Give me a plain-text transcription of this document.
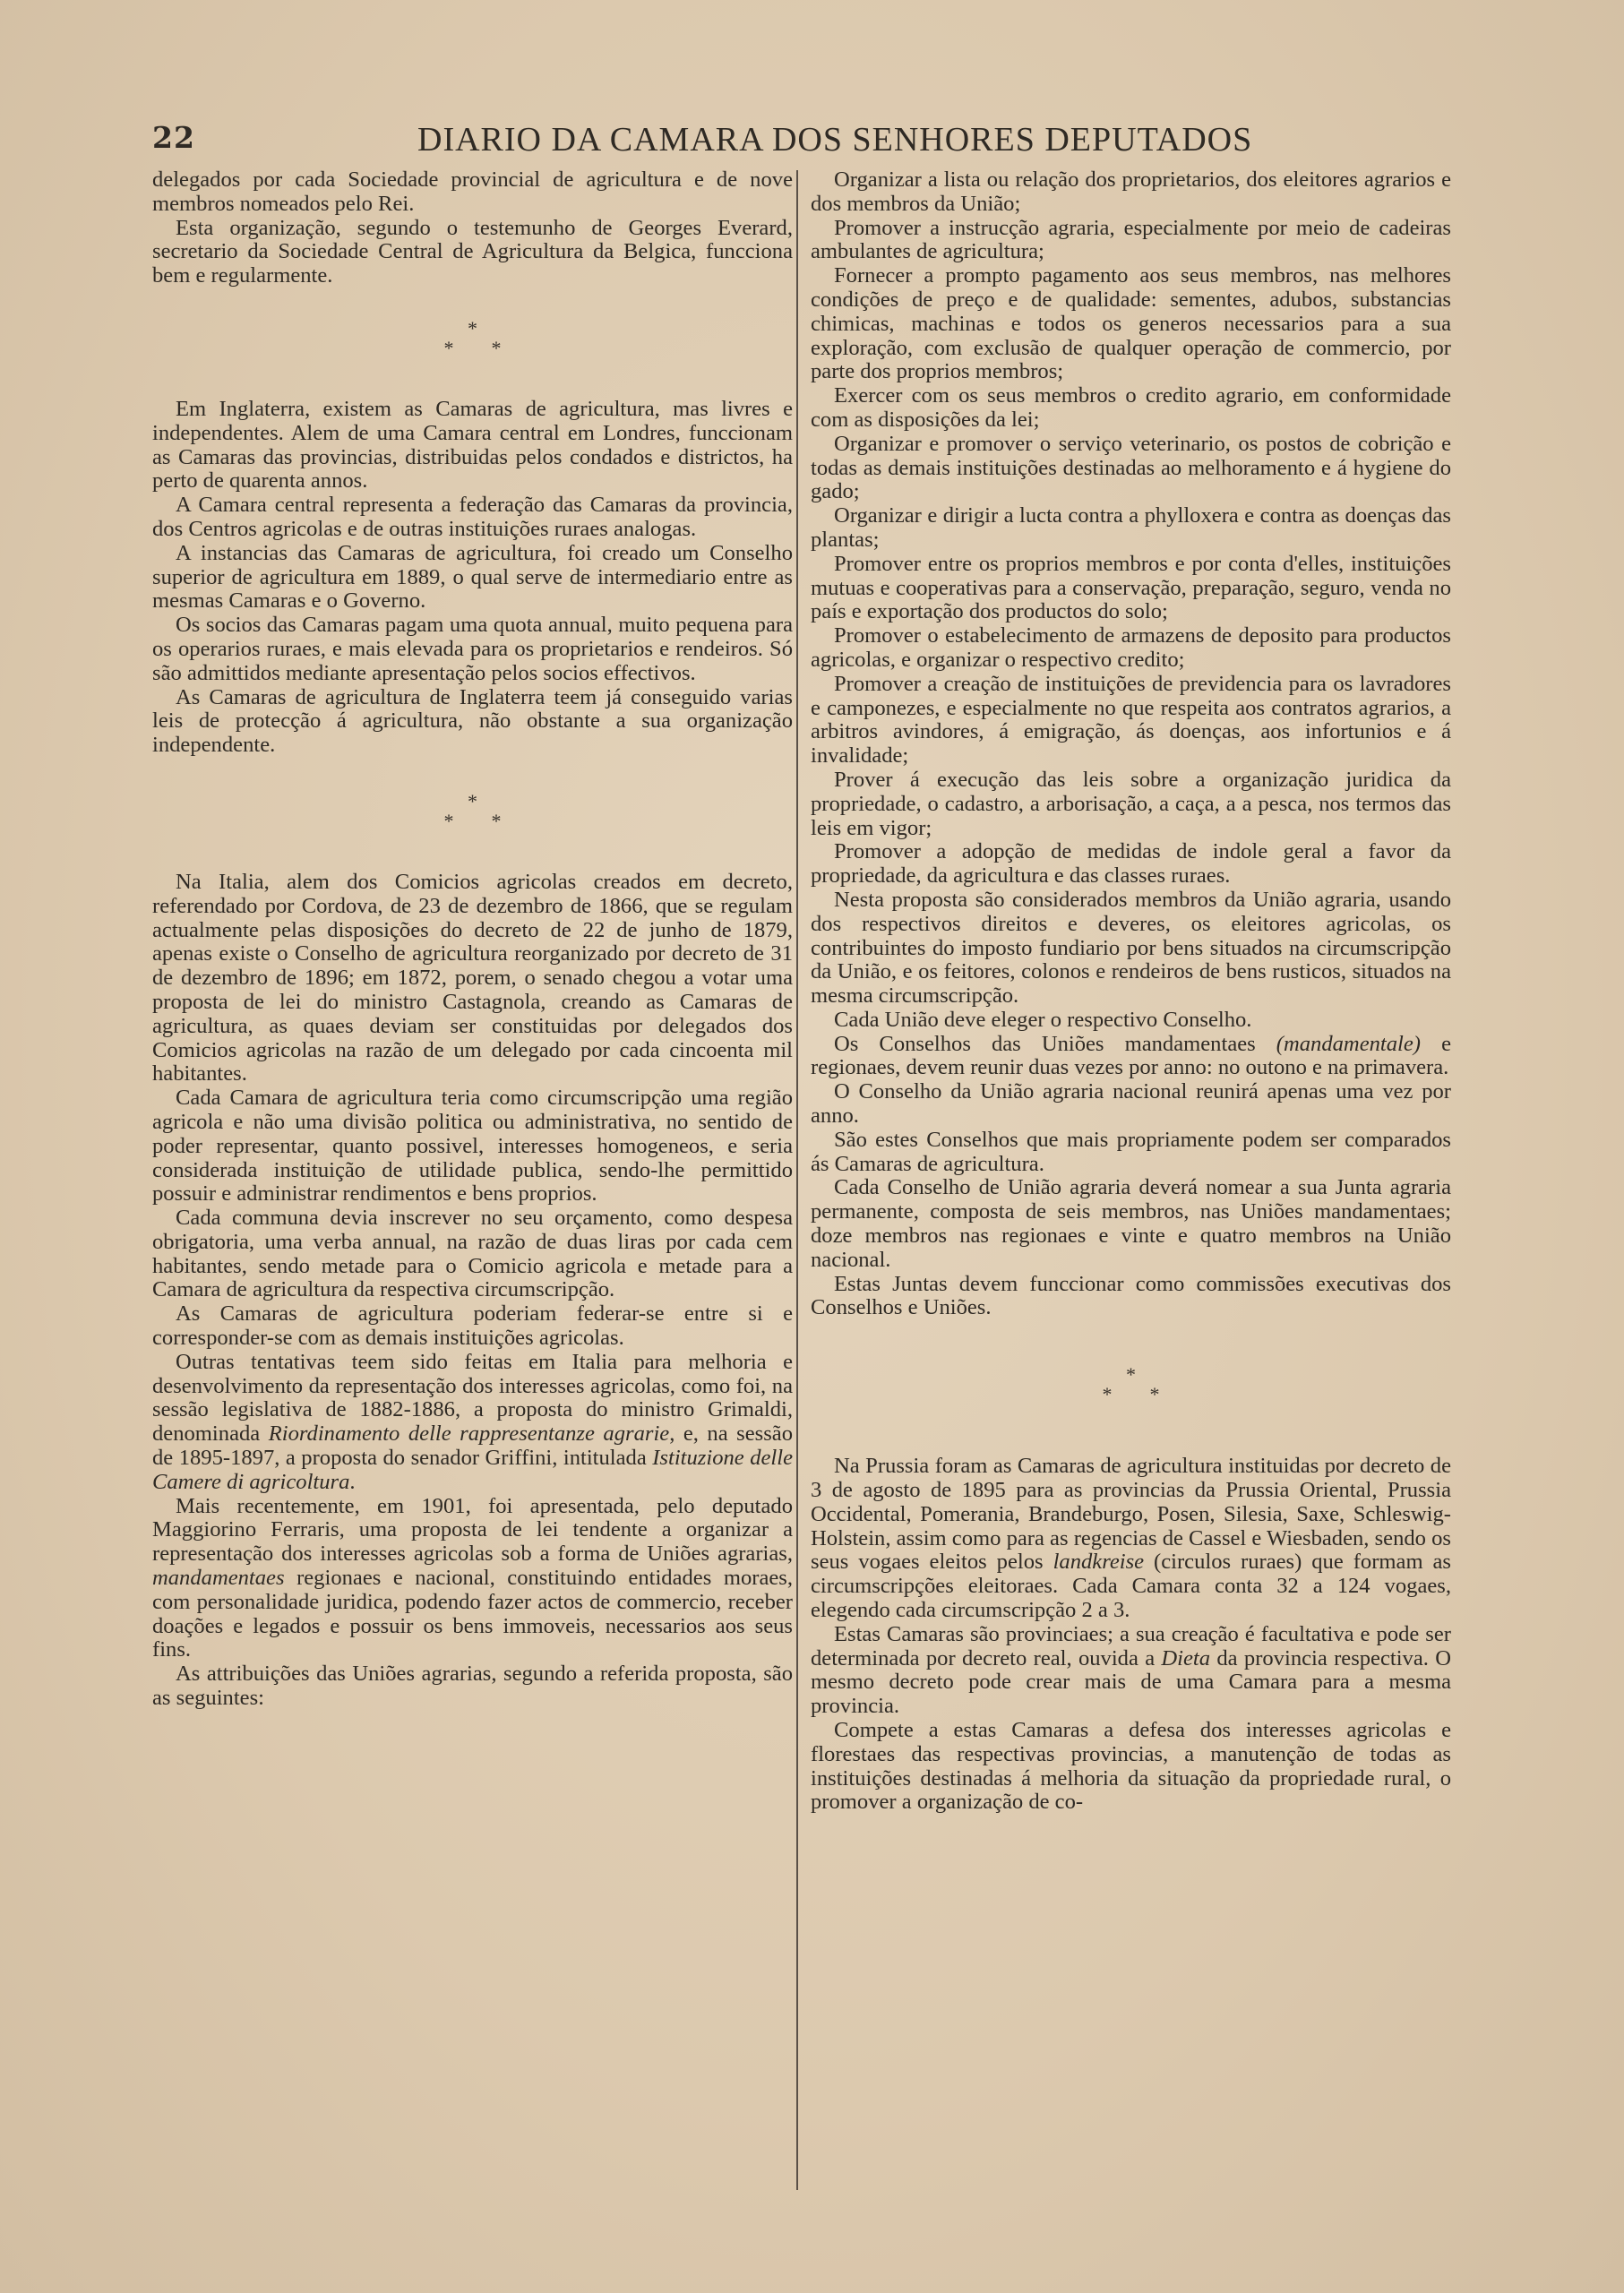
22	DIARIO DA CAMARA DOS SENHORES DEPUTADOS

delegados por cada Sociedade provincial de agricultura e de nove membros nomeados pelo Rei.

Esta organização, segundo o testemunho de Georges Everard, secretario da Sociedade Central de Agricultura da Belgica, funcciona bem e regularmente.

*
**

Em Inglaterra, existem as Camaras de agricultura, mas livres e independentes. Alem de uma Camara central em Londres, funccionam as Camaras das provincias, distribuidas pelos condados e districtos, ha perto de quarenta annos.

A Camara central representa a federação das Camaras da provincia, dos Centros agricolas e de outras instituições ruraes analogas.

A instancias das Camaras de agricultura, foi creado um Conselho superior de agricultura em 1889, o qual serve de intermediario entre as mesmas Camaras e o Governo.

Os socios das Camaras pagam uma quota annual, muito pequena para os operarios ruraes, e mais elevada para os proprietarios e rendeiros. Só são admittidos mediante apresentação pelos socios effectivos.

As Camaras de agricultura de Inglaterra teem já conseguido varias leis de protecção á agricultura, não obstante a sua organização independente.

*
**

Na Italia, alem dos Comicios agricolas creados em decreto, referendado por Cordova, de 23 de dezembro de 1866, que se regulam actualmente pelas disposições do decreto de 22 de junho de 1879, apenas existe o Conselho de agricultura reorganizado por decreto de 31 de dezembro de 1896; em 1872, porem, o senado chegou a votar uma proposta de lei do ministro Castagnola, creando as Camaras de agricultura, as quaes deviam ser constituidas por delegados dos Comicios agricolas na razão de um delegado por cada cincoenta mil habitantes.

Cada Camara de agricultura teria como circumscripção uma região agricola e não uma divisão politica ou administrativa, no sentido de poder representar, quanto possivel, interesses homogeneos, e seria considerada instituição de utilidade publica, sendo-lhe permittido possuir e administrar rendimentos e bens proprios.

Cada communa devia inscrever no seu orçamento, como despesa obrigatoria, uma verba annual, na razão de duas liras por cada cem habitantes, sendo metade para o Comicio agricola e metade para a Camara de agricultura da respectiva circumscripção.

As Camaras de agricultura poderiam federar-se entre si e corresponder-se com as demais instituições agricolas.

Outras tentativas teem sido feitas em Italia para melhoria e desenvolvimento da representação dos interesses agricolas, como foi, na sessão legislativa de 1882-1886, a proposta do ministro Grimaldi, denominada Riordinamento delle rappresentanze agrarie, e, na sessão de 1895-1897, a proposta do senador Griffini, intitulada Istituzione delle Camere di agricoltura.

Mais recentemente, em 1901, foi apresentada, pelo deputado Maggiorino Ferraris, uma proposta de lei tendente a organizar a representação dos interesses agricolas sob a forma de Uniões agrarias, mandamentaes regionaes e nacional, constituindo entidades moraes, com personalidade juridica, podendo fazer actos de commercio, receber doações e legados e possuir os bens immoveis, necessarios aos seus fins.

As attribuições das Uniões agrarias, segundo a referida proposta, são as seguintes:

Organizar a lista ou relação dos proprietarios, dos eleitores agrarios e dos membros da União;

Promover a instrucção agraria, especialmente por meio de cadeiras ambulantes de agricultura;

Fornecer a prompto pagamento aos seus membros, nas melhores condições de preço e de qualidade: sementes, adubos, substancias chimicas, machinas e todos os generos necessarios para a sua exploração, com exclusão de qualquer operação de commercio, por parte dos proprios membros;

Exercer com os seus membros o credito agrario, em conformidade com as disposições da lei;

Organizar e promover o serviço veterinario, os postos de cobrição e todas as demais instituições destinadas ao melhoramento e á hygiene do gado;

Organizar e dirigir a lucta contra a phylloxera e contra as doenças das plantas;

Promover entre os proprios membros e por conta d'elles, instituições mutuas e cooperativas para a conservação, preparação, seguro, venda no país e exportação dos productos do solo;

Promover o estabelecimento de armazens de deposito para productos agricolas, e organizar o respectivo credito;

Promover a creação de instituições de previdencia para os lavradores e camponezes, e especialmente no que respeita aos contratos agrarios, a arbitros avindores, á emigração, ás doenças, aos infortunios e á invalidade;

Prover á execução das leis sobre a organização juridica da propriedade, o cadastro, a arborisação, a caça, a a pesca, nos termos das leis em vigor;

Promover a adopção de medidas de indole geral a favor da propriedade, da agricultura e das classes ruraes.

Nesta proposta são considerados membros da União agraria, usando dos respectivos direitos e deveres, os eleitores agricolas, os contribuintes do imposto fundiario por bens situados na circumscripção da União, e os feitores, colonos e rendeiros de bens rusticos, situados na mesma circumscripção.

Cada União deve eleger o respectivo Conselho.

Os Conselhos das Uniões mandamentaes (mandamentale) e regionaes, devem reunir duas vezes por anno: no outono e na primavera.

O Conselho da União agraria nacional reunirá apenas uma vez por anno.

São estes Conselhos que mais propriamente podem ser comparados ás Camaras de agricultura.

Cada Conselho de União agraria deverá nomear a sua Junta agraria permanente, composta de seis membros, nas Uniões mandamentaes; doze membros nas regionaes e vinte e quatro membros na União nacional.

Estas Juntas devem funccionar como commissões executivas dos Conselhos e Uniões.

*
**

Na Prussia foram as Camaras de agricultura instituidas por decreto de 3 de agosto de 1895 para as provincias da Prussia Oriental, Prussia Occidental, Pomerania, Brandeburgo, Posen, Silesia, Saxe, Schleswig-Holstein, assim como para as regencias de Cassel e Wiesbaden, sendo os seus vogaes eleitos pelos landkreise (circulos ruraes) que formam as circumscripções eleitoraes. Cada Camara conta 32 a 124 vogaes, elegendo cada circumscripção 2 a 3.

Estas Camaras são provinciaes; a sua creação é facultativa e pode ser determinada por decreto real, ouvida a Dieta da provincia respectiva. O mesmo decreto pode crear mais de uma Camara para a mesma provincia.

Compete a estas Camaras a defesa dos interesses agricolas e florestaes das respectivas provincias, a manutenção de todas as instituições destinadas á melhoria da situação da propriedade rural, o promover a organização de co-
